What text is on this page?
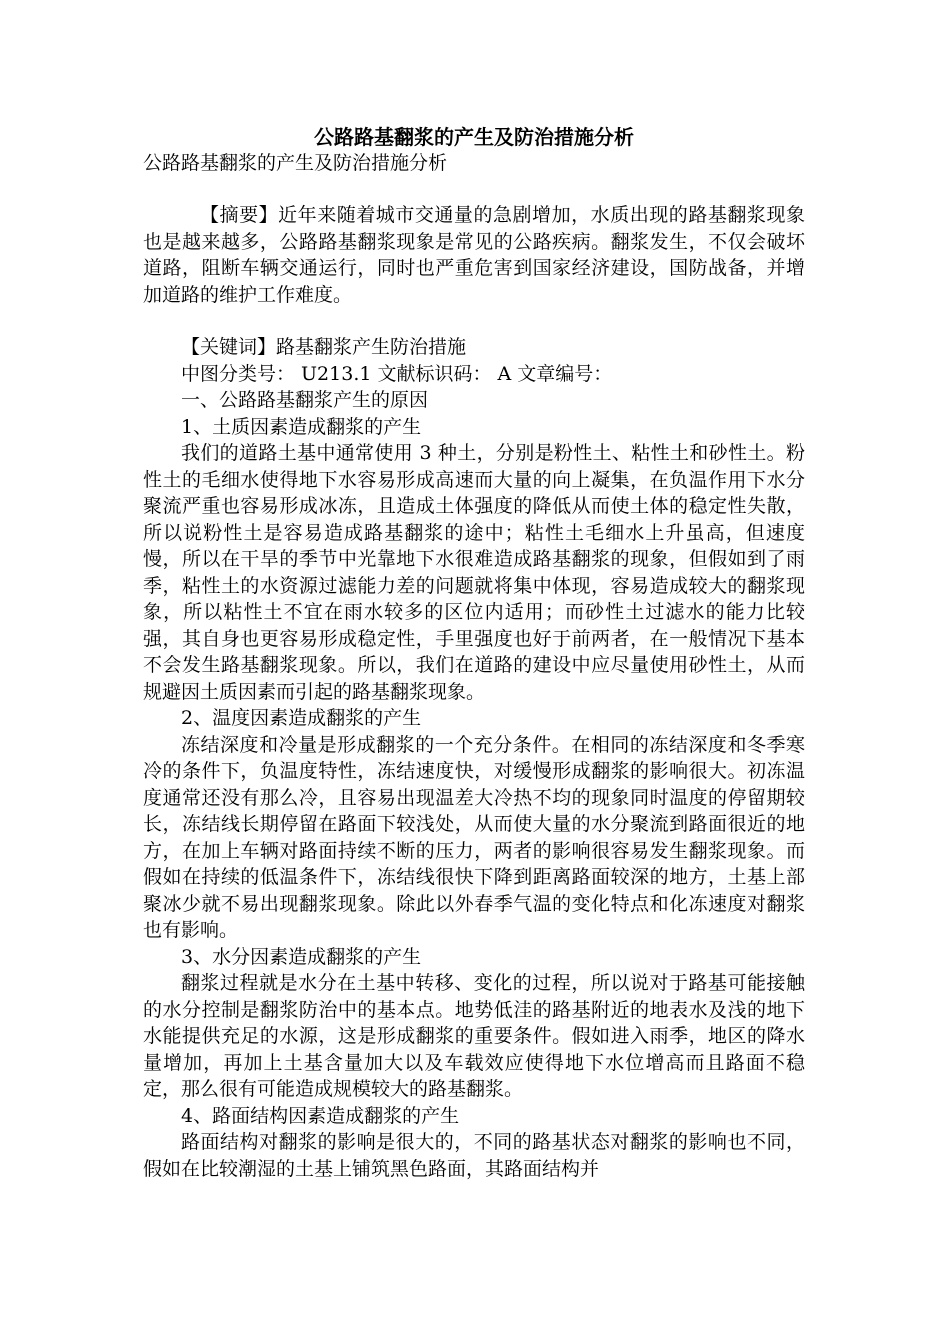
公路路基翻浆的产生及防治措施分析

公路路基翻浆的产生及防治措施分析

【摘要】近年来随着城市交通量的急剧增加，水质出现的路基翻浆现象也是越来越多，公路路基翻浆现象是常见的公路疾病。翻浆发生，不仅会破坏道路，阻断车辆交通运行，同时也严重危害到国家经济建设，国防战备，并增加道路的维护工作难度。

【关键词】路基翻浆产生防治措施

中图分类号： U213.1 文献标识码： A 文章编号：

一、公路路基翻浆产生的原因

1、土质因素造成翻浆的产生

我们的道路土基中通常使用 3 种土，分别是粉性土、粘性土和砂性土。粉性土的毛细水使得地下水容易形成高速而大量的向上凝集，在负温作用下水分聚流严重也容易形成冰冻，且造成土体强度的降低从而使土体的稳定性失散，所以说粉性土是容易造成路基翻浆的途中；粘性土毛细水上升虽高，但速度慢，所以在干旱的季节中光靠地下水很难造成路基翻浆的现象，但假如到了雨季，粘性土的水资源过滤能力差的问题就将集中体现，容易造成较大的翻浆现象，所以粘性土不宜在雨水较多的区位内适用；而砂性土过滤水的能力比较强，其自身也更容易形成稳定性，手里强度也好于前两者，在一般情况下基本不会发生路基翻浆现象。所以，我们在道路的建设中应尽量使用砂性土，从而规避因土质因素而引起的路基翻浆现象。

2、温度因素造成翻浆的产生

冻结深度和冷量是形成翻浆的一个充分条件。在相同的冻结深度和冬季寒冷的条件下，负温度特性，冻结速度快，对缓慢形成翻浆的影响很大。初冻温度通常还没有那么冷，且容易出现温差大冷热不均的现象同时温度的停留期较长，冻结线长期停留在路面下较浅处，从而使大量的水分聚流到路面很近的地方，在加上车辆对路面持续不断的压力，两者的影响很容易发生翻浆现象。而假如在持续的低温条件下，冻结线很快下降到距离路面较深的地方，土基上部聚冰少就不易出现翻浆现象。除此以外春季气温的变化特点和化冻速度对翻浆也有影响。

3、水分因素造成翻浆的产生

翻浆过程就是水分在土基中转移、变化的过程，所以说对于路基可能接触的水分控制是翻浆防治中的基本点。地势低洼的路基附近的地表水及浅的地下水能提供充足的水源，这是形成翻浆的重要条件。假如进入雨季，地区的降水量增加，再加上土基含量加大以及车载效应使得地下水位增高而且路面不稳定，那么很有可能造成规模较大的路基翻浆。

4、路面结构因素造成翻浆的产生

路面结构对翻浆的影响是很大的，不同的路基状态对翻浆的影响也不同，假如在比较潮湿的土基上铺筑黑色路面，其路面结构并
